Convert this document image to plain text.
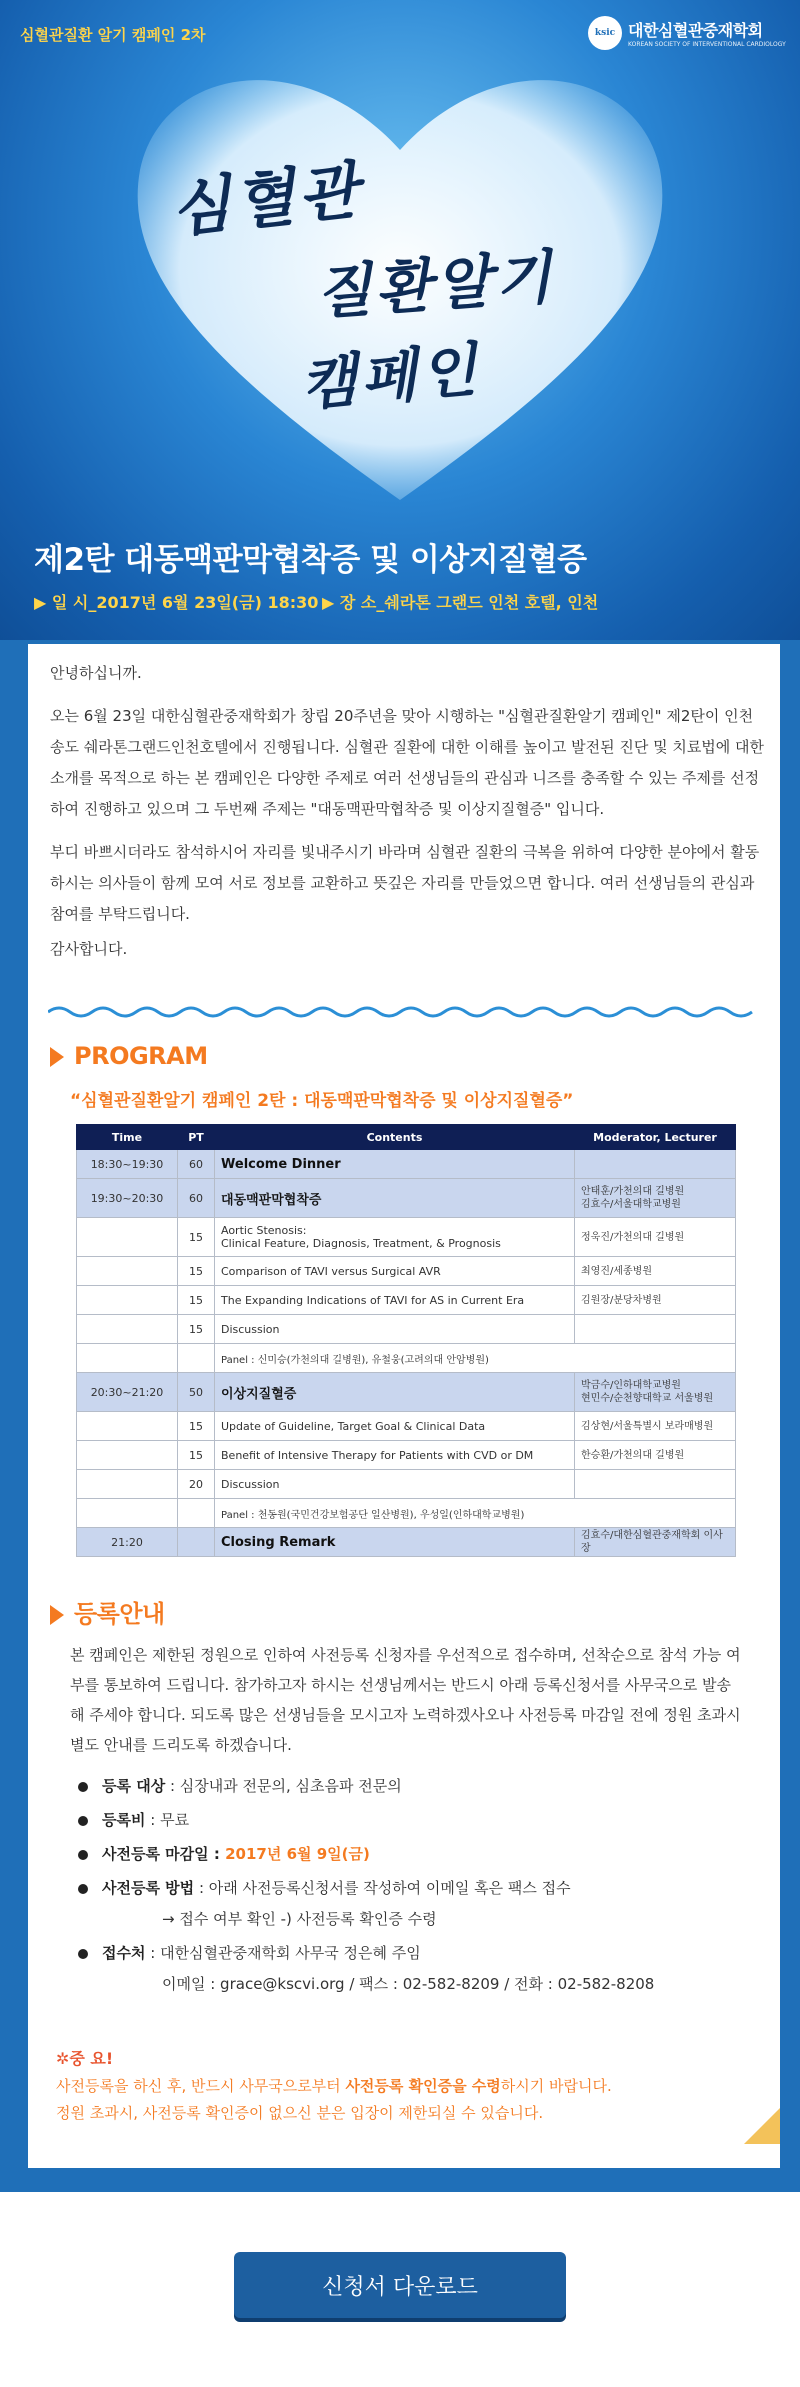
심혈관질환 알기 캠페인 2차	ksic 대한심혈관중재학회
KOREAN SOCIETY OF INTERVENTIONAL CARDIOLOGY
심혈관
질환알기
캠페인
제2탄 대동맥판막협착증 및 이상지질혈증
▶ 일 시_2017년 6월 23일(금) 18:30 ▶ 장 소_쉐라톤 그랜드 인천 호텔, 인천

안녕하십니까.

오는 6월 23일 대한심혈관중재학회가 창립 20주년을 맞아 시행하는 "심혈관질환알기 캠페인" 제2탄이 인천 송도 쉐라톤그랜드인천호텔에서 진행됩니다. 심혈관 질환에 대한 이해를 높이고 발전된 진단 및 치료법에 대한 소개를 목적으로 하는 본 캠페인은 다양한 주제로 여러 선생님들의 관심과 니즈를 충족할 수 있는 주제를 선정하여 진행하고 있으며 그 두번째 주제는 "대동맥판막협착증 및 이상지질혈증" 입니다.

부디 바쁘시더라도 참석하시어 자리를 빛내주시기 바라며 심혈관 질환의 극복을 위하여 다양한 분야에서 활동하시는 의사들이 함께 모여 서로 정보를 교환하고 뜻깊은 자리를 만들었으면 합니다. 여러 선생님들의 관심과 참여를 부탁드립니다.

감사합니다.

PROGRAM
“심혈관질환알기 캠페인 2탄 : 대동맥판막협착증 및 이상지질혈증”
Time	PT	Contents	Moderator, Lecturer
18:30~19:30	60	Welcome Dinner	
19:30~20:30	60	대동맥판막협착증	안태훈/가천의대 길병원
김효수/서울대학교병원
	15	Aortic Stenosis:
Clinical Feature, Diagnosis, Treatment, & Prognosis	정욱진/가천의대 길병원
	15	Comparison of TAVI versus Surgical AVR	최영진/세종병원
	15	The Expanding Indications of TAVI for AS in Current Era	김원장/분당차병원
	15	Discussion	
		Panel : 신미승(가천의대 길병원), 유철웅(고려의대 안암병원)	
20:30~21:20	50	이상지질혈증	박금수/인하대학교병원
현민수/순천향대학교 서울병원
	15	Update of Guideline, Target Goal & Clinical Data	김상현/서울특별시 보라매병원
	15	Benefit of Intensive Therapy for Patients with CVD or DM	한승환/가천의대 길병원
	20	Discussion	
		Panel : 천동원(국민건강보험공단 일산병원), 우성일(인하대학교병원)	
21:20		Closing Remark	김효수/대한심혈관중재학회 이사장
등록안내
본 캠페인은 제한된 정원으로 인하여 사전등록 신청자를 우선적으로 접수하며, 선착순으로 참석 가능 여부를 통보하여 드립니다. 참가하고자 하시는 선생님께서는 반드시 아래 등록신청서를 사무국으로 발송해 주세야 합니다. 되도록 많은 선생님들을 모시고자 노력하겠사오나 사전등록 마감일 전에 정원 초과시 별도 안내를 드리도록 하겠습니다.
등록 대상 : 심장내과 전문의, 심초음파 전문의
등록비 : 무료
사전등록 마감일 : 2017년 6월 9일(금)
사전등록 방법 : 아래 사전등록신청서를 작성하여 이메일 혹은 팩스 접수
→ 접수 여부 확인 -) 사전등록 확인증 수령
접수처 : 대한심혈관중재학회 사무국 정은혜 주임
이메일 : grace@kscvi.org / 팩스 : 02-582-8209 / 전화 : 02-582-8208
✲중 요!
사전등록을 하신 후, 반드시 사무국으로부터 사전등록 확인증을 수령하시기 바랍니다.
정원 초과시, 사전등록 확인증이 없으신 분은 입장이 제한되실 수 있습니다.
신청서 다운로드
